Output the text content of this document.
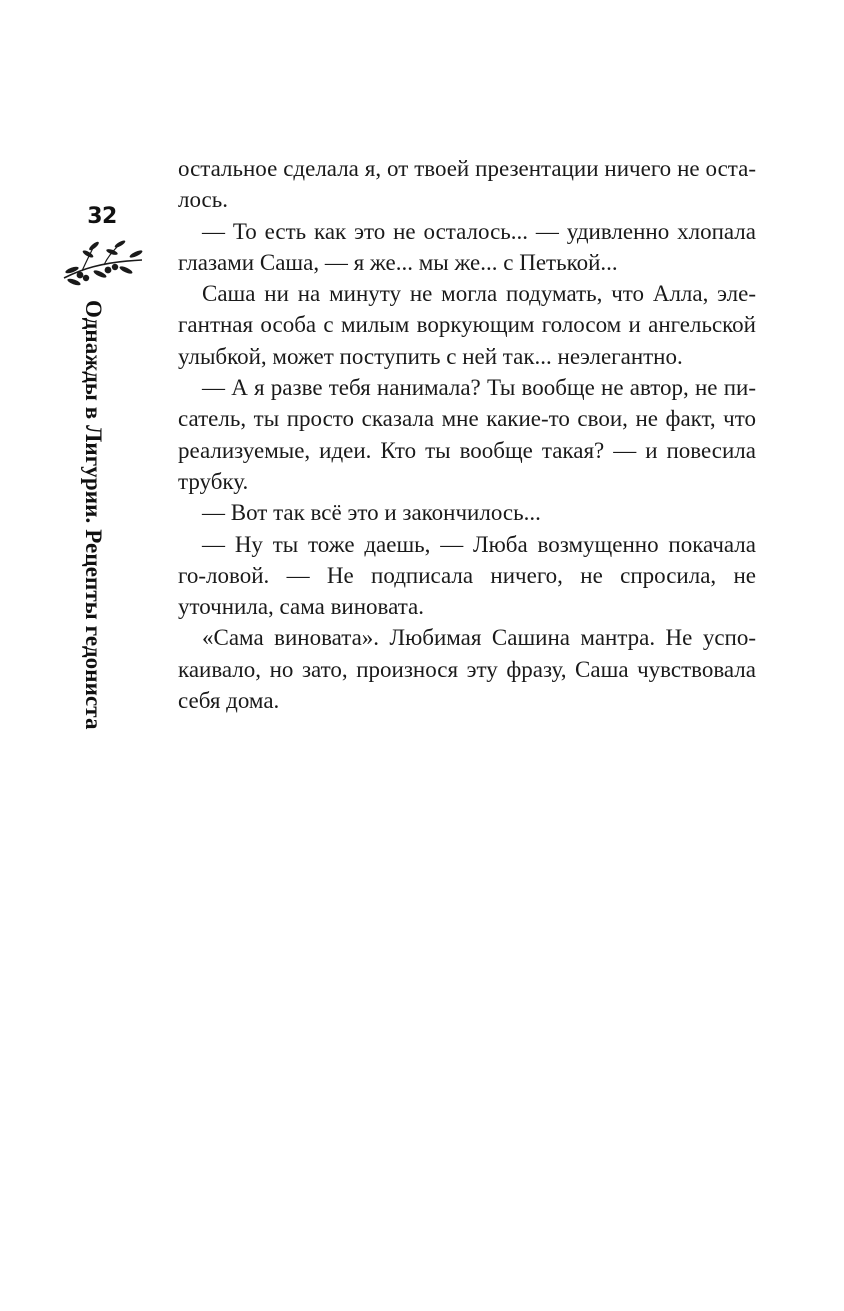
32
Однажды в Лигурии. Рецепты гедониста

остальное сделала я, от твоей презентации ничего не оста-лось.

— То есть как это не осталось... — удивленно хлопала глазами Саша, — я же... мы же... с Петькой...

Саша ни на минуту не могла подумать, что Алла, эле-гантная особа с милым воркующим голосом и ангельской улыбкой, может поступить с ней так... неэлегантно.

— А я разве тебя нанимала? Ты вообще не автор, не пи-сатель, ты просто сказала мне какие-то свои, не факт, что реализуемые, идеи. Кто ты вообще такая? — и повесила трубку.

— Вот так всё это и закончилось...

— Ну ты тоже даешь, — Люба возмущенно покачала го-ловой. — Не подписала ничего, не спросила, не уточнила, сама виновата.

«Сама виновата». Любимая Сашина мантра. Не успо-каивало, но зато, произнося эту фразу, Саша чувствовала себя дома.
